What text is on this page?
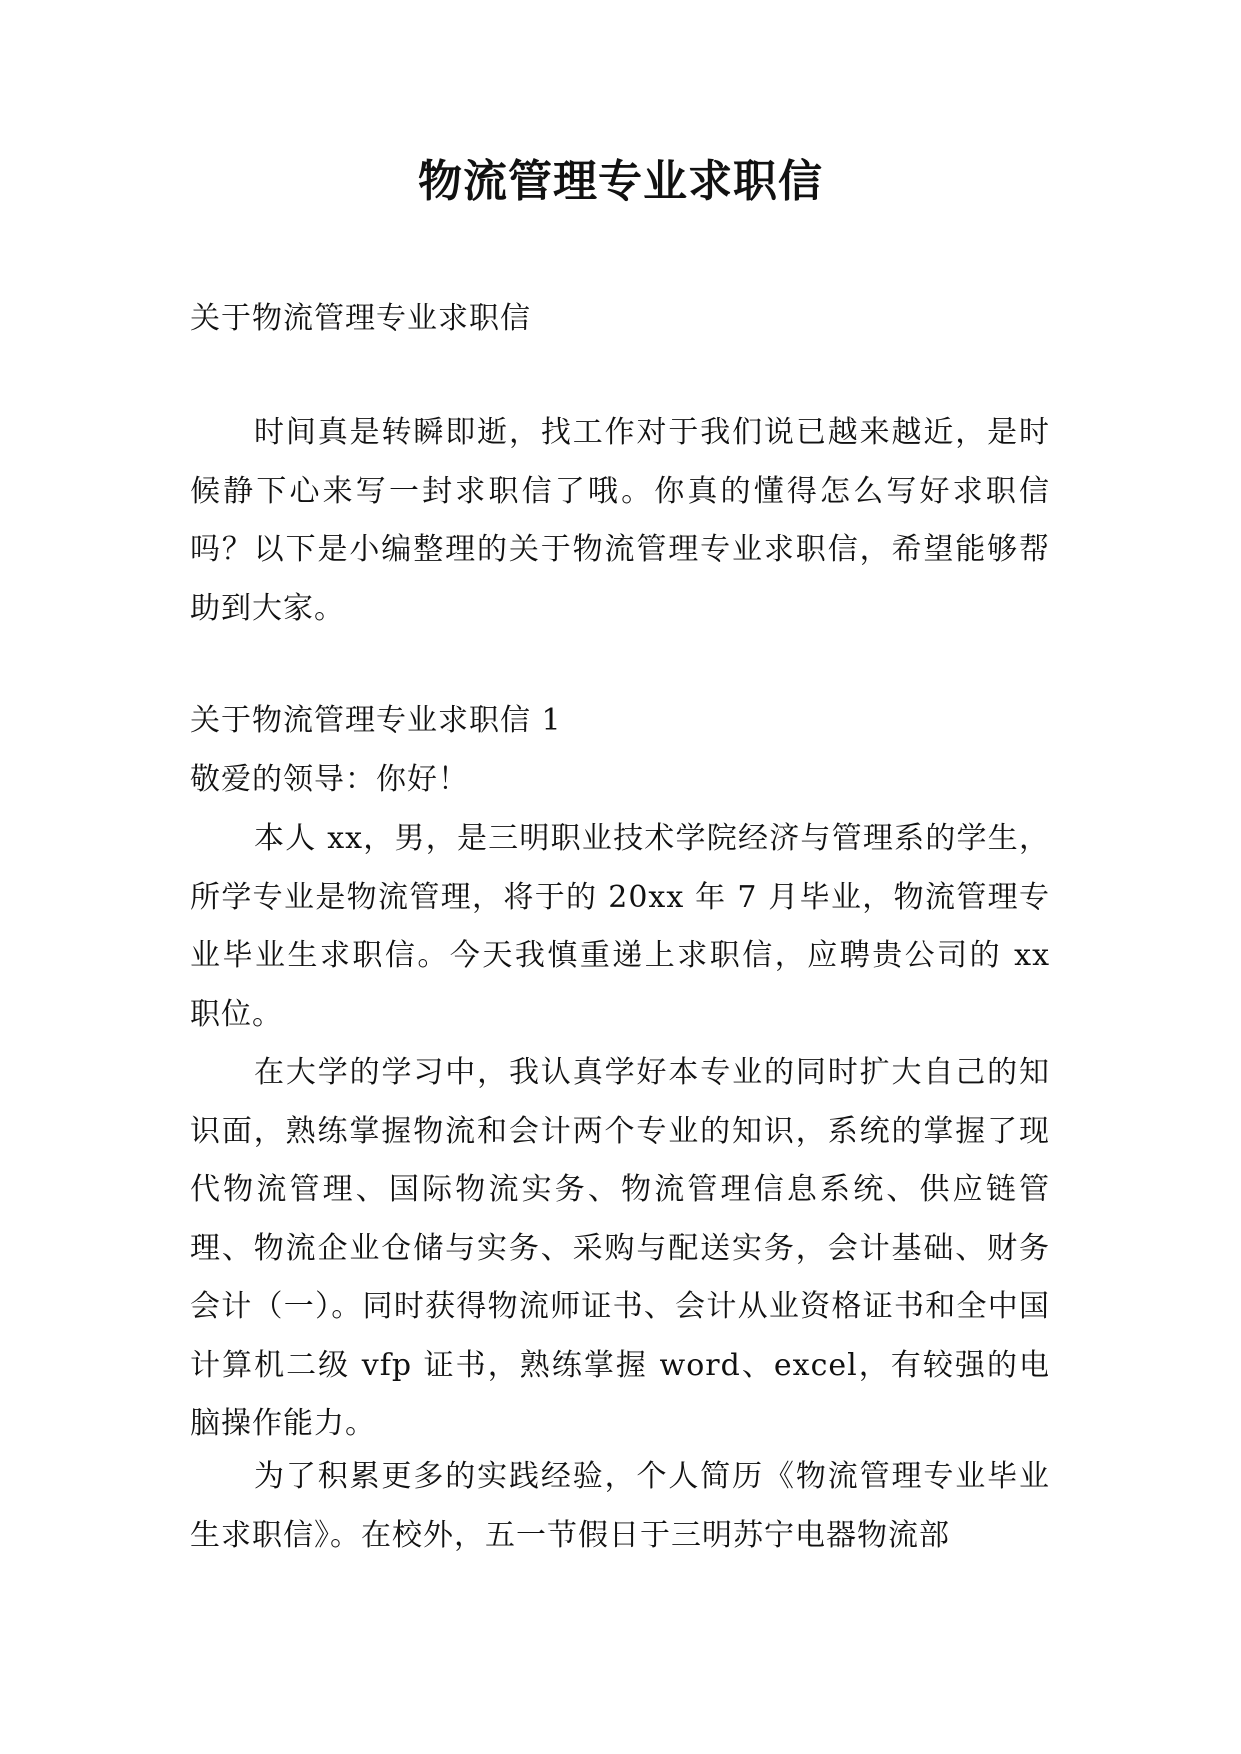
物流管理专业求职信

关于物流管理专业求职信

时间真是转瞬即逝，找工作对于我们说已越来越近，是时候静下心来写一封求职信了哦。你真的懂得怎么写好求职信吗？以下是小编整理的关于物流管理专业求职信，希望能够帮助到大家。

关于物流管理专业求职信 1

敬爱的领导：你好！

本人 xx，男，是三明职业技术学院经济与管理系的学生，所学专业是物流管理，将于的 20xx 年 7 月毕业，物流管理专业毕业生求职信。今天我慎重递上求职信，应聘贵公司的 xx 职位。

在大学的学习中，我认真学好本专业的同时扩大自己的知识面，熟练掌握物流和会计两个专业的知识，系统的掌握了现代物流管理、国际物流实务、物流管理信息系统、供应链管理、物流企业仓储与实务、采购与配送实务，会计基础、财务会计（一）。同时获得物流师证书、会计从业资格证书和全中国计算机二级 vfp 证书，熟练掌握 word、excel，有较强的电脑操作能力。

为了积累更多的实践经验，个人简历《物流管理专业毕业生求职信》。在校外，五一节假日于三明苏宁电器物流部
